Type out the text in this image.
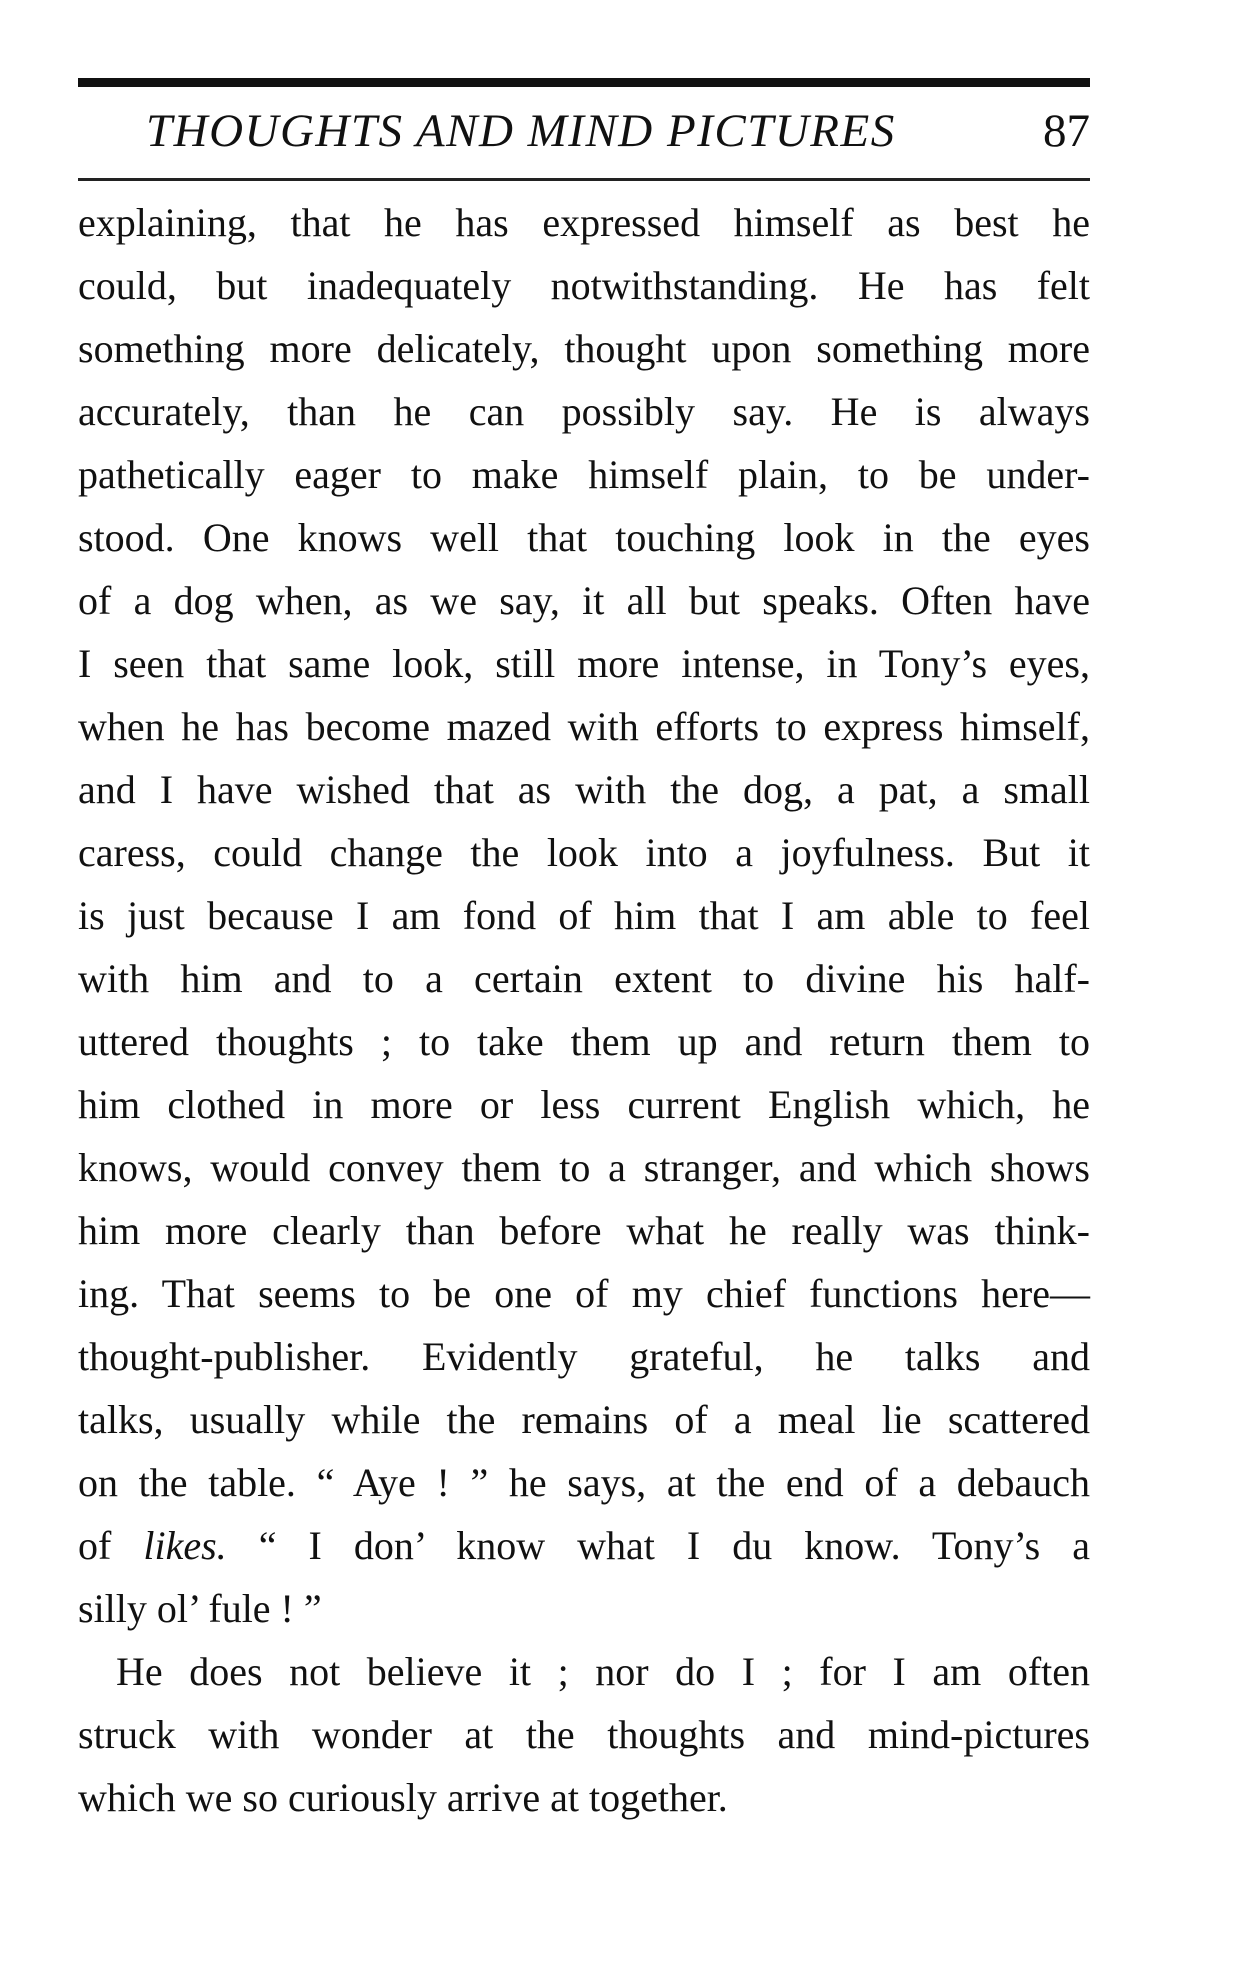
THOUGHTS AND MIND PICTURES	87
explaining, that he has expressed himself as best he
could, but inadequately notwithstanding. He has felt
something more delicately, thought upon something more
accurately, than he can possibly say. He is always
pathetically eager to make himself plain, to be under-
stood. One knows well that touching look in the eyes
of a dog when, as we say, it all but speaks. Often have
I seen that same look, still more intense, in Tony’s eyes,
when he has become mazed with efforts to express himself,
and I have wished that as with the dog, a pat, a small
caress, could change the look into a joyfulness. But it
is just because I am fond of him that I am able to feel
with him and to a certain extent to divine his half-
uttered thoughts ; to take them up and return them to
him clothed in more or less current English which, he
knows, would convey them to a stranger, and which shows
him more clearly than before what he really was think-
ing. That seems to be one of my chief functions here—
thought-publisher. Evidently grateful, he talks and
talks, usually while the remains of a meal lie scattered
on the table. “ Aye ! ” he says, at the end of a debauch
of likes. “ I don’ know what I du know. Tony’s a
silly ol’ fule ! ”
He does not believe it ; nor do I ; for I am often
struck with wonder at the thoughts and mind-pictures
which we so curiously arrive at together.
